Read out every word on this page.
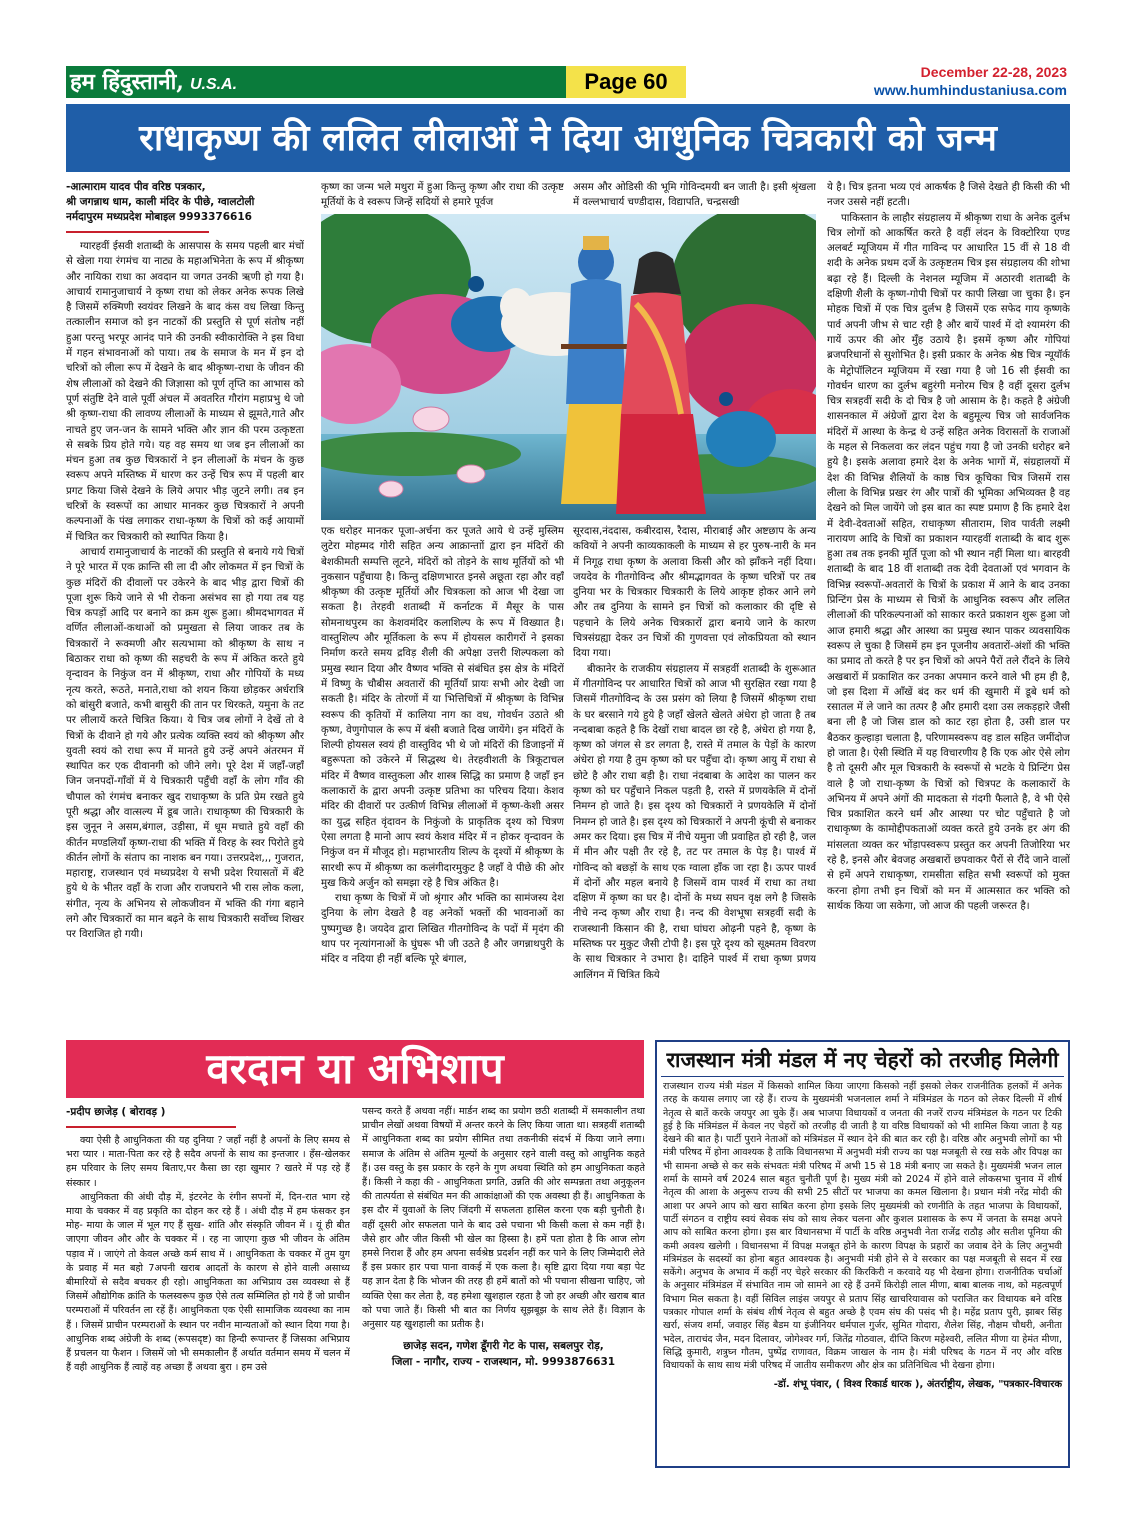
हम हिंदुस्तानी, U.S.A.	Page 60	December 22-28, 2023
www.humhindustaniusa.com
राधाकृष्ण की ललित लीलाओं ने दिया आधुनिक चित्रकारी को जन्म
-आत्माराम यादव पीव वरिष्ठ पत्रकार,
श्री जगन्नाथ धाम, काली मंदिर के पीछे, ग्वालटोली
नर्मदापुरम मध्यप्रदेश मोबाइल 9993376616

ग्यारहवीं ईसवी शताब्दी के आसपास के समय पहली बार मंचों से खेला गया रंगमंच या नाट्य के महाअभिनेता के रूप में श्रीकृष्ण और नायिका राधा का अवदान या जगत उनकी ऋणी हो गया है। आचार्य रामानुजाचार्य ने कृष्ण राधा को लेकर अनेक रूपक लिखे है जिसमें रुक्मिणी स्वयंवर लिखने के बाद कंस वध लिखा किन्तु तत्कालीन समाज को इन नाटकों की प्रस्तुति से पूर्ण संतोष नहीं हुआ परन्तु भरपूर आनंद पाने की उनकी स्वीकारोक्ति ने इस विधा में गहन संभावनाओं को पाया। तब के समाज के मन में इन दो चरित्रों को लीला रूप में देखने के बाद श्रीकृष्ण-राधा के जीवन की शेष लीलाओं को देखने की जिज्ञासा को पूर्ण तृप्ति का आभास को पूर्ण संतुष्टि देने वाले पूर्वी अंचल में अवतरित गौरांग महाप्रभु थे जो श्री कृष्ण-राधा की लावण्य लीलाओं के माध्यम से झूमते,गाते और नाचते हुए जन-जन के सामने भक्ति और ज्ञान की परम उत्कृष्टता से सबके प्रिय होते गये। यह वह समय था जब इन लीलाओं का मंचन हुआ तब कुछ चित्रकारों ने इन लीलाओं के मंचन के कुछ स्वरूप अपने मस्तिष्क में धारण कर उन्हें चित्र रूप में पहली बार प्रगट किया जिसे देखने के लिये अपार भीड़ जुटने लगी। तब इन चरित्रों के स्वरूपों का आधार मानकर कुछ चित्रकारों ने अपनी कल्पनाओं के पंख लगाकर राधा-कृष्ण के चित्रों को कई आयामों में चित्रित कर चित्रकारी को स्थापित किया है।

आचार्य रामानुजाचार्य के नाटकों की प्रस्तुति से बनाये गये चित्रों ने पूरे भारत में एक क्रान्ति सी ला दी और लोकमत में इन चित्रों के कुछ मंदिरों की दीवालों पर उकेरने के बाद भीड़ द्वारा चित्रों की पूजा शुरू किये जाने से भी रोकना असंभव सा हो गया तब यह चित्र कपड़ों आदि पर बनाने का क्रम शुरू हुआ। श्रीमदभागवत में वर्णित लीलाओं-कथाओं को प्रमुखता से लिया जाकर तब के चित्रकारों ने रूक्मणी और सत्यभामा को श्रीकृष्ण के साथ न बिठाकर राधा को कृष्ण की सहचरी के रूप में अंकित करते हुये वृन्दावन के निकुंज वन में श्रीकृष्ण, राधा और गोपियों के मध्य नृत्य करते, रूठते, मनाते,राधा को शयन किया छोड़कर अर्धरात्रि को बांसुरी बजाते, कभी बासुरी की तान पर थिरकते, यमुना के तट पर लीलायें करते चित्रित किया। ये चित्र जब लोगों ने देखें तो वे चित्रों के दीवाने हो गये और प्रत्येक व्यक्ति स्वयं को श्रीकृष्ण और युवती स्वयं को राधा रूप में मानते हुये उन्हें अपने अंतरमन में स्थापित कर एक दीवानगी को जीने लगे। पूरे देश में जहाँ-जहाँ जिन जनपदों-गाँवों में ये चित्रकारी पहुँची वहाँ के लोग गाँव की चौपाल को रंगमंच बनाकर खुद राधाकृष्ण के प्रति प्रेम रखते हुये पूरी श्रद्धा और वात्सल्य में डूब जाते। राधाकृष्ण की चित्रकारी के इस जुनून ने असम,बंगाल, उड़ीसा, में धूम मचाते हुये वहाँ की कीर्तन मण्डलियाँ कृष्ण-राधा की भक्ति में विरह के स्वर पिरोते हुये कीर्तन लोगों के संताप का नाशक बन गया। उत्तरप्रदेश,,, गुजरात, महाराष्ट्र, राजस्थान एवं मध्यप्रदेश ये सभी प्रदेश रियासतों में बँटे हुये थे के भीतर वहाँ के राजा और राजघराने भी रास लोक कला, संगीत, नृत्य के अभिनय से लोकजीवन में भक्ति की गंगा बहाने लगे और चित्रकारों का मान बढ़ने के साथ चित्रकारी सर्वोच्च शिखर पर विराजित हो गयी।

कृष्ण का जन्म भले मथुरा में हुआ किन्तु कृष्ण और राधा की उत्कृष्ट मूर्तियों के वे स्वरूप जिन्हें सदियों से हमारे पूर्वज

असम और ओडिसी की भूमि गोविन्दमयी बन जाती है। इसी श्रृंखला में वल्लभाचार्य चण्डीदास, विद्यापति, चन्द्रसखी

एक धरोहर मानकर पूजा-अर्चना कर पूजते आये थे उन्हें मुस्लिम लुटेरा मोहम्मद गोरी सहित अन्य आक्रान्ताों द्वारा इन मंदिरों की बेशकीमती सम्पत्ति लूटने, मंदिरों को तोड़ने के साथ मूर्तियों को भी नुकसान पहुँचाया है। किन्तु दक्षिणभारत इनसे अछूता रहा और वहाँ श्रीकृष्ण की उत्कृष्ट मूर्तियों और चित्रकला को आज भी देखा जा सकता है। तेरहवी शताब्दी में कर्नाटक में मैसूर के पास सोमनाथपुरम का केशवमंदिर कलाशिल्प के रूप में विख्यात है। वास्तुशिल्प और मूर्तिकला के रूप में होयसल कारीगरों ने इसका निर्माण करते समय द्रविड़ शैली की अपेक्षा उत्तरी शिल्पकला को प्रमुख स्थान दिया और वैष्णव भक्ति से संबंधित इस क्षेत्र के मंदिरों में विष्णु के चौबीस अवतारों की मूर्तियाँ प्रायः सभी ओर देखी जा सकती है। मंदिर के तोरणों में या भित्तिचित्रों में श्रीकृष्ण के विभिन्न स्वरूप की कृतियों में कालिया नाग का वध, गोवर्धन उठाते श्री कृष्ण, वेणुगोपाल के रूप में बंसी बजाते दिख जायेंगे। इन मंदिरों के शिल्पी होयसल स्वयं ही वास्तुविद भी थे जो मंदिरों की डिजाइनों में बहुरूपता को उकेरने में सिद्धस्थ थे। तेरहवीशती के त्रिकूटाचल मंदिर में वैष्णव वास्तुकला और शास्त्र सिद्धि का प्रमाण है जहाँ इन कलाकारों के द्वारा अपनी उत्कृष्ट प्रतिभा का परिचय दिया। केशव मंदिर की दीवारों पर उत्कीर्ण विभिन्न लीलाओं में कृष्ण-केशी असर का युद्ध सहित वृंदावन के निकुंजो के प्राकृतिक दृश्य को चित्रण ऐसा लगता है मानो आप स्वयं केशव मंदिर में न होकर वृन्दावन के निकुंज वन में मौजूद हो। महाभारतीय शिल्प के दृश्यों में श्रीकृष्ण के सारथी रूप में श्रीकृष्ण का कलंगीदारमुकुट है जहाँ वे पीछे की ओर मुख किये अर्जुन को समझा रहे है चित्र अंकित है।

राधा कृष्ण के चित्रों में जो श्रृंगार और भक्ति का सामंजस्य देश दुनिया के लोग देखते है वह अनेकों भक्तों की भावनाओं का पुष्पगुच्छ है। जयदेव द्वारा लिखित गीतगोविन्द के पदों में मृदंग की थाप पर नृत्यांगनाओं के घुंघरू भी जी उठते है और जगन्नाथपुरी के मंदिर व नदिया ही नहीं बल्कि पूरे बंगाल,

सूरदास,नंददास, कबीरदास, रैदास, मीराबाई और अष्टछाप के अन्य कवियों ने अपनी काव्यकाकली के माध्यम से हर पुरुष-नारी के मन में निगूढ़ राधा कृष्ण के अलावा किसी और को झाँकने नहीं दिया। जयदेव के गीतगोविन्द और श्रीमद्भागवत के कृष्ण चरित्रों पर तब दुनिया भर के चित्रकार चित्रकारी के लिये आकृष्ट होकर आने लगे और तब दुनिया के सामने इन चित्रों को कलाकार की दृष्टि से पहचाने के लिये अनेक चित्रकारों द्वारा बनाये जाने के कारण चित्रसंग्रह्या देकर उन चित्रों की गुणवत्ता एवं लोकप्रियता को स्थान दिया गया।

बीकानेर के राजकीय संग्रहालय में सत्रहवीं शताब्दी के शुरूआत में गीतगोविन्द पर आधारित चित्रों को आज भी सुरक्षित रखा गया है जिसमें गीतगोविन्द के उस प्रसंग को लिया है जिसमें श्रीकृष्ण राधा के घर बरसाने गये हुये है जहाँ खेलते खेलते अंधेरा हो जाता है तब नन्दबाबा कहते है कि देखों राधा बादल छा रहे है, अंधेरा हो गया है, कृष्ण को जंगल से डर लगता है, रास्ते में तमाल के पेड़ों के कारण अंधेरा हो गया है तुम कृष्ण को घर पहुँचा दो। कृष्ण आयु में राधा से छोटे है और राधा बड़ी है। राधा नंदबाबा के आदेश का पालन कर कृष्ण को घर पहुँचाने निकल पड़ती है, रास्ते में प्रणयकेलि में दोनों निमग्न हो जाते है। इस दृश्य को चित्रकारों ने प्रणयकेलि में दोनों निमग्न हो जाते है। इस दृश्य को चित्रकारों ने अपनी कूंची से बनाकर अमर कर दिया। इस चित्र में नीचे यमुना जी प्रवाहित हो रही है, जल में मीन और पक्षी तैर रहे है, तट पर तमाल के पेड़ है। पार्श्व में गोविन्द को बछड़ों के साथ एक ग्वाला हाँक जा रहा है। ऊपर पार्श्व में दोनों और महल बनाये है जिसमें वाम पार्श्व में राधा का तथा दक्षिण में कृष्ण का घर है। दोनों के मध्य सघन वृक्ष लगे है जिसके नीचे नन्द कृष्ण और राधा है। नन्द की वेशभूषा सत्रहवीं सदी के राजस्थानी किसान की है, राधा घांघरा ओढ़नी पहने है, कृष्ण के मस्तिष्क पर मुकुट जैसी टोपी है। इस पूरे दृश्य को सूक्ष्मतम विवरण के साथ चित्रकार ने उभारा है। दाहिने पार्श्व में राधा कृष्ण प्रणय आलिंगन में चित्रित किये

ये है। चित्र इतना भव्य एवं आकर्षक है जिसे देखते ही किसी की भी नजर उससे नहीं हटती।

पाकिस्तान के लाहौर संग्रहालय में श्रीकृष्ण राधा के अनेक दुर्लभ चित्र लोगों को आकर्षित करते है वहीं लंदन के विक्टोरिया एण्ड अलबर्ट म्यूजियम में गीत गाविन्द पर आधारित 15 वीं से 18 वी शदी के अनेक प्रथम दर्जे के उत्कृष्टतम चित्र इस संग्रहालय की शोभा बढ़ा रहे हैं। दिल्ली के नेशनल म्यूजिम में अठारवी शताब्दी के दक्षिणी शैली के कृष्ण-गोपी चित्रों पर कापी लिखा जा चुका है। इन मोहक चित्रों में एक चित्र दुर्लभ है जिसमें एक सफेद गाय कृष्णके पार्व अपनी जीभ से चाट रही है और बायें पार्श्व में दो श्यामरंग की गायें ऊपर की ओर मुँह उठाये है। इसमें कृष्ण और गोपियां ब्रजपरिधानों से सुशोभित है। इसी प्रकार के अनेक श्रेष्ठ चित्र न्यूयॉर्क के मेट्रोपॉलिटन म्यूजियम में रखा गया है जो 16 सी ईसवी का गोवर्धन धारण का दुर्लभ बहुरंगी मनोरम चित्र है वहीं दूसरा दुर्लभ चित्र सत्रहवीं सदी के दो चित्र है जो आसाम के है। कहते है अंग्रेजी शासनकाल में अंग्रेजों द्वारा देश के बहुमूल्य चित्र जो सार्वजनिक मंदिरों में आस्था के केन्द्र थे उन्हें सहित अनेक विरासतों के राजाओं के महल से निकलवा कर लंदन पहुंच गया है जो उनकी धरोहर बने हुये है। इसके अलावा हमारे देश के अनेक भागों में, संग्रहालयों में देश की विभिन्न शैलियों के काष्ठ चित्र कूचिका चित्र जिसमें रास लीला के विभिन्न प्रखर रंग और पात्रों की भूमिका अभिव्यक्त है वह देखने को मिल जायेंगे जो इस बात का स्पष्ट प्रमाण है कि हमारे देश में देवी-देवताओं सहित, राधाकृष्ण सीताराम, शिव पार्वती लक्ष्मी नारायण आदि के चित्रों का प्रकाशन ग्यारहवीं शताब्दी के बाद शुरू हुआ तब तक इनकी मूर्ति पूजा को भी स्थान नहीं मिला था। बारहवी शताब्दी के बाद 18 वीं शताब्दी तक देवी देवताओं एवं भगवान के विभिन्न स्वरूपों-अवतारों के चित्रों के प्रकाश में आने के बाद उनका प्रिन्टिंग प्रेस के माध्यम से चित्रों के आधुनिक स्वरूप और ललित लीलाओं की परिकल्पनाओं को साकार करते प्रकाशन शुरू हुआ जो आज हमारी श्रद्धा और आस्था का प्रमुख स्थान पाकर व्यवसायिक स्वरूप ले चुका है जिसमें हम इन पूजनीय अवतारों-अंशों की भक्ति का प्रमाद तो करते है पर इन चित्रों को अपने पैरों तले रौंदने के लिये अखबारों में प्रकाशित कर उनका अपमान करने वाले भी हम ही है, जो इस दिशा में आँखें बंद कर धर्म की खुमारी में डूबे धर्म को रसातल में ले जाने का तत्पर है और हमारी दशा उस लकड़हारे जैसी बना ली है जो जिस डाल को काट रहा होता है, उसी डाल पर बैठकर कुल्हाड़ा चलाता है, परिणामस्वरूप वह डाल सहित जमींदोज हो जाता है। ऐसी स्थिति में यह विचारणीय है कि एक ओर ऐसे लोग है तो दूसरी और मूल चित्रकारी के स्वरूपों से भटके ये प्रिन्टिंग प्रेस वाले है जो राधा-कृष्ण के चित्रों को चित्रपट के कलाकारों के अभिनय में अपने अंगों की मादकता से गंदगी फैलाते है, वे भी ऐसे चित्र प्रकाशित करने धर्म और आस्था पर चोट पहुँचाते है जो राधाकृष्ण के कामोद्दीपकताओं व्यक्त करते हुये उनके हर अंग की मांसलता व्यक्त कर भोंड़ापस्वरूप प्रस्तुत कर अपनी तिजोरिया भर रहे है, इनसे और बेवजह अखबारों छपवाकर पैरों से रौंदे जाने वालों से हमें अपने राधाकृष्ण, रामसीता सहित सभी स्वरूपों को मुक्त करना होगा तभी इन चित्रों को मन में आत्मसात कर भक्ति को सार्थक किया जा सकेगा, जो आज की पहली जरूरत है।

वरदान या अभिशाप
-प्रदीप छाजेड़ ( बोरावड़ )

क्या ऐसी है आधुनिकता की यह दुनिया ? जहाँ नहीं है अपनों के लिए समय से भरा प्यार । माता-पिता कर रहे है सदैव अपनों के साथ का इन्तजार । हँस-खेलकर हम परिवार के लिए समय बिताए,पर कैसा छा रहा खुमार ? खतरे में पड़ रहे हैं संस्कार ।

आधुनिकता की अंधी दौड़ में, इंटरनेट के रंगीन सपनों में, दिन-रात भाग रहे माया के चक्कर में वह प्रकृति का दोहन कर रहे हैं । अंधी दौड़ में हम फंसकर इन मोह- माया के जाल में भूल गए हैं सुख- शांति और संस्कृति जीवन में । यूं ही बीत जाएगा जीवन और और के चक्कर में । रह ना जाएगा कुछ भी जीवन के अंतिम पड़ाव में । जाएंगे तो केवल अच्छे कर्म साथ में । आधुनिकता के चक्कर में तुम युग के प्रवाह में मत बहो 7अपनी खराब आदतों के कारण से होने वाली असाध्य बीमारियों से सदैव बचकर ही रहो। आधुनिकता का अभिप्राय उस व्यवस्था से हैं जिसमें औद्योगिक क्रांति के फलस्वरूप कुछ ऐसे तत्व सम्मिलित हो गये हैं जो प्राचीन परम्पराओं में परिवर्तन ला रहें हैं। आधुनिकता एक ऐसी सामाजिक व्यवस्था का नाम हैं । जिसमें प्राचीन परम्पराओं के स्थान पर नवीन मान्यताओं को स्थान दिया गया है। आधुनिक शब्द अंग्रेजी के शब्द (रूपसदृष्ट) का हिन्दी रूपान्तर हैं जिसका अभिप्राय हैं प्रचलन या फैशन । जिसमें जो भी समकालीन हैं अर्थात वर्तमान समय में चलन में हैं वही आधुनिक हैं त्वाहें वह अच्छा हैं अथवा बुरा । हम उसे

पसन्द करते हैं अथवा नहीं। मार्डन शब्द का प्रयोग छठी शताब्दी में समकालीन तथा प्राचीन लेखों अथवा विषयों में अन्तर करने के लिए किया जाता था। सत्रहवीं शताब्दी में आधुनिकता शब्द का प्रयोग सीमित तथा तकनीकी संदर्भ में किया जाने लगा। समाज के अंतिम से अंतिम मूल्यों के अनुसार रहने वाली वस्तु को आधुनिक कहते हैं। उस वस्तु के इस प्रकार के रहने के गुण अथवा स्थिति को हम आधुनिकता कहते हैं। किसी ने कहा की - आधुनिकता प्रगति, उन्नति की ओर सम्पन्नता तथा अनुकूलन की तात्पर्यता से संबंधित मन की आकांक्षाओं की एक अवस्था ही हैं। आधुनिकता के इस दौर में युवाओं के लिए जिंदगी में सफलता हासिल करना एक बड़ी चुनौती है। वहीं दूसरी ओर सफलता पाने के बाद उसे पचाना भी किसी कला से कम नहीं है। जैसे हार और जीत किसी भी खेल का हिस्सा है। हमें पता होता है कि आज लोग हमसे निराश हैं और हम अपना सर्वश्रेष्ठ प्रदर्शन नहीं कर पाने के लिए जिम्मेदारी लेते हैं इस प्रकार हार पचा पाना वाकई में एक कला है। सृष्टि द्वारा दिया गया बड़ा पेट यह ज्ञान देता है कि भोजन की तरह ही हमें बातों को भी पचाना सीखना चाहिए, जो व्यक्ति ऐसा कर लेता है, वह हमेशा खुशहाल रहता है जो हर अच्छी और खराब बात को पचा जाते हैं। किसी भी बात का निर्णय सूझबूझ के साथ लेते हैं। विज्ञान के अनुसार यह खुशहाली का प्रतीक है।

छाजेड़ सदन, गणेश डूँगरी गेट के पास, सबलपुर रोड़,
जिला - नागौर, राज्य - राजस्थान, मो. 9993876631
राजस्थान मंत्री मंडल में नए चेहरों को तरजीह मिलेगी
राजस्थान राज्य मंत्री मंडल में किसको शामिल किया जाएगा किसको नहीं इसको लेकर राजनीतिक हलकों में अनेक तरह के कयास लगाए जा रहे हैं। राज्य के मुख्यमंत्री भजनलाल शर्मा ने मंत्रिमंडल के गठन को लेकर दिल्ली में शीर्ष नेतृत्व से बातें करके जयपुर आ चुके हैं। अब भाजपा विधायकों व जनता की नजरें राज्य मंत्रिमंडल के गठन पर टिकी हुई है कि मंत्रिमंडल में केवल नए चेहरों को तरजीह दी जाती है या वरिष्ठ विधायकों को भी शामिल किया जाता है यह देखने की बात है। पार्टी पुराने नेताओं को मंत्रिमंडल में स्थान देने की बात कर रही है। वरिष्ठ और अनुभवी लोगों का भी मंत्री परिषद में होना आवश्यक है ताकि विधानसभा में अनुभवी मंत्री राज्य का पक्ष मजबूती से रख सके और विपक्ष का भी सामना अच्छे से कर सके संभवतः मंत्री परिषद में अभी 15 से 18 मंत्री बनाए जा सकते है। मुख्यमंत्री भजन लाल शर्मा के सामने वर्ष 2024 साल बहुत चुनौती पूर्ण है। मुख्य मंत्री को 2024 में होने वाले लोकसभा चुनाव में शीर्ष नेतृत्व की आशा के अनुरूप राज्य की सभी 25 सीटों पर भाजपा का कमल खिलाना है। प्रधान मंत्री नरेंद्र मोदी की आशा पर अपने आप को खरा साबित करना होगा इसके लिए मुख्यमंत्री को रणनीति के तहत भाजपा के विधायकों, पार्टी संगठन व राष्ट्रीय स्वयं सेवक संघ को साथ लेकर चलना और कुशल प्रशासक के रूप में जनता के समक्ष अपने आप को साबित करना होगा। इस बार विधानसभा में पार्टी के वरिष्ठ अनुभवी नेता राजेंद्र राठौड़ और सतीश पूनिया की कमी अवश्य खलेगी । विधानसभा में विपक्ष मजबूत होने के कारण विपक्ष के प्रहारों का जवाब देने के लिए अनुभवी मंत्रिमंडल के सदस्यों का होना बहुत आवश्यक है। अनुभवी मंत्री होने से वे सरकार का पक्ष मजबूती से सदन में रख सकेंगे। अनुभव के अभाव में कहीं नए चेहरे सरकार की किरकिरी न करवादे यह भी देखना होगा। राजनीतिक चर्चाओं के अनुसार मंत्रिमंडल में संभावित नाम जो सामने आ रहे हैं उनमें किरोड़ी लाल मीणा, बाबा बालक नाथ, को महत्वपूर्ण विभाग मिल सकता है। वहीं सिविल लाइंस जयपुर से प्रताप सिंह खाचरियावास को पराजित कर विधायक बने वरिष्ठ पत्रकार गोपाल शर्मा के संबंध शीर्ष नेतृत्व से बहुत अच्छे है एवम संघ की पसंद भी है। महेंद्र प्रताप पुरी, झाबर सिंह खर्रा, संजय शर्मा, जवाहर सिंह बैडम या इंजीनियर धर्मपाल गुर्जर, सुमित गोदारा, शैलेश सिंह, नौक्षम चौधरी, अनीता भदेल, ताराचंद जैन, मदन दिलावर, जोगेश्वर गर्ग, जितेंद्र गोठवाल, दीप्ति किरण महेश्वरी, ललित मीणा या हेमंत मीणा, सिद्धि कुमारी, शत्रुघ्न गौतम, पुष्पेंद्र राणावत, विक्रम जाखल के नाम है। मंत्री परिषद के गठन में नए और वरिष्ठ विधायकों के साथ साथ मंत्री परिषद में जातीय समीकरण और क्षेत्र का प्रतिनिधित्व भी देखना होगा।
-डॉ. शंभू पंवार, ( विश्व रिकार्ड धारक ), अंतर्राष्ट्रीय, लेखक, "पत्रकार-विचारक
